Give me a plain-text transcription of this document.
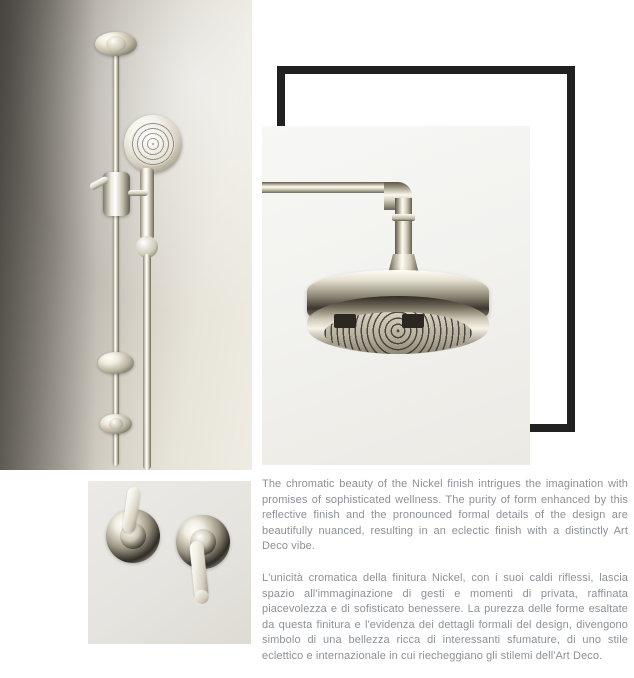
The chromatic beauty of the Nickel finish intrigues the imagination with promises of sophisticated wellness. The purity of form enhanced by this reflective finish and the pronounced formal details of the design are beautifully nuanced, resulting in an eclectic finish with a distinctly Art Deco vibe.

L'unicità cromatica della finitura Nickel, con i suoi caldi riflessi, lascia spazio all'immaginazione di gesti e momenti di privata, raffinata piacevolezza e di sofisticato benessere. La purezza delle forme esaltate da questa finitura e l'evidenza dei dettagli formali del design, divengono simbolo di una bellezza ricca di interessanti sfumature, di uno stile eclettico e internazionale in cui riecheggiano gli stilemi dell'Art Deco.
